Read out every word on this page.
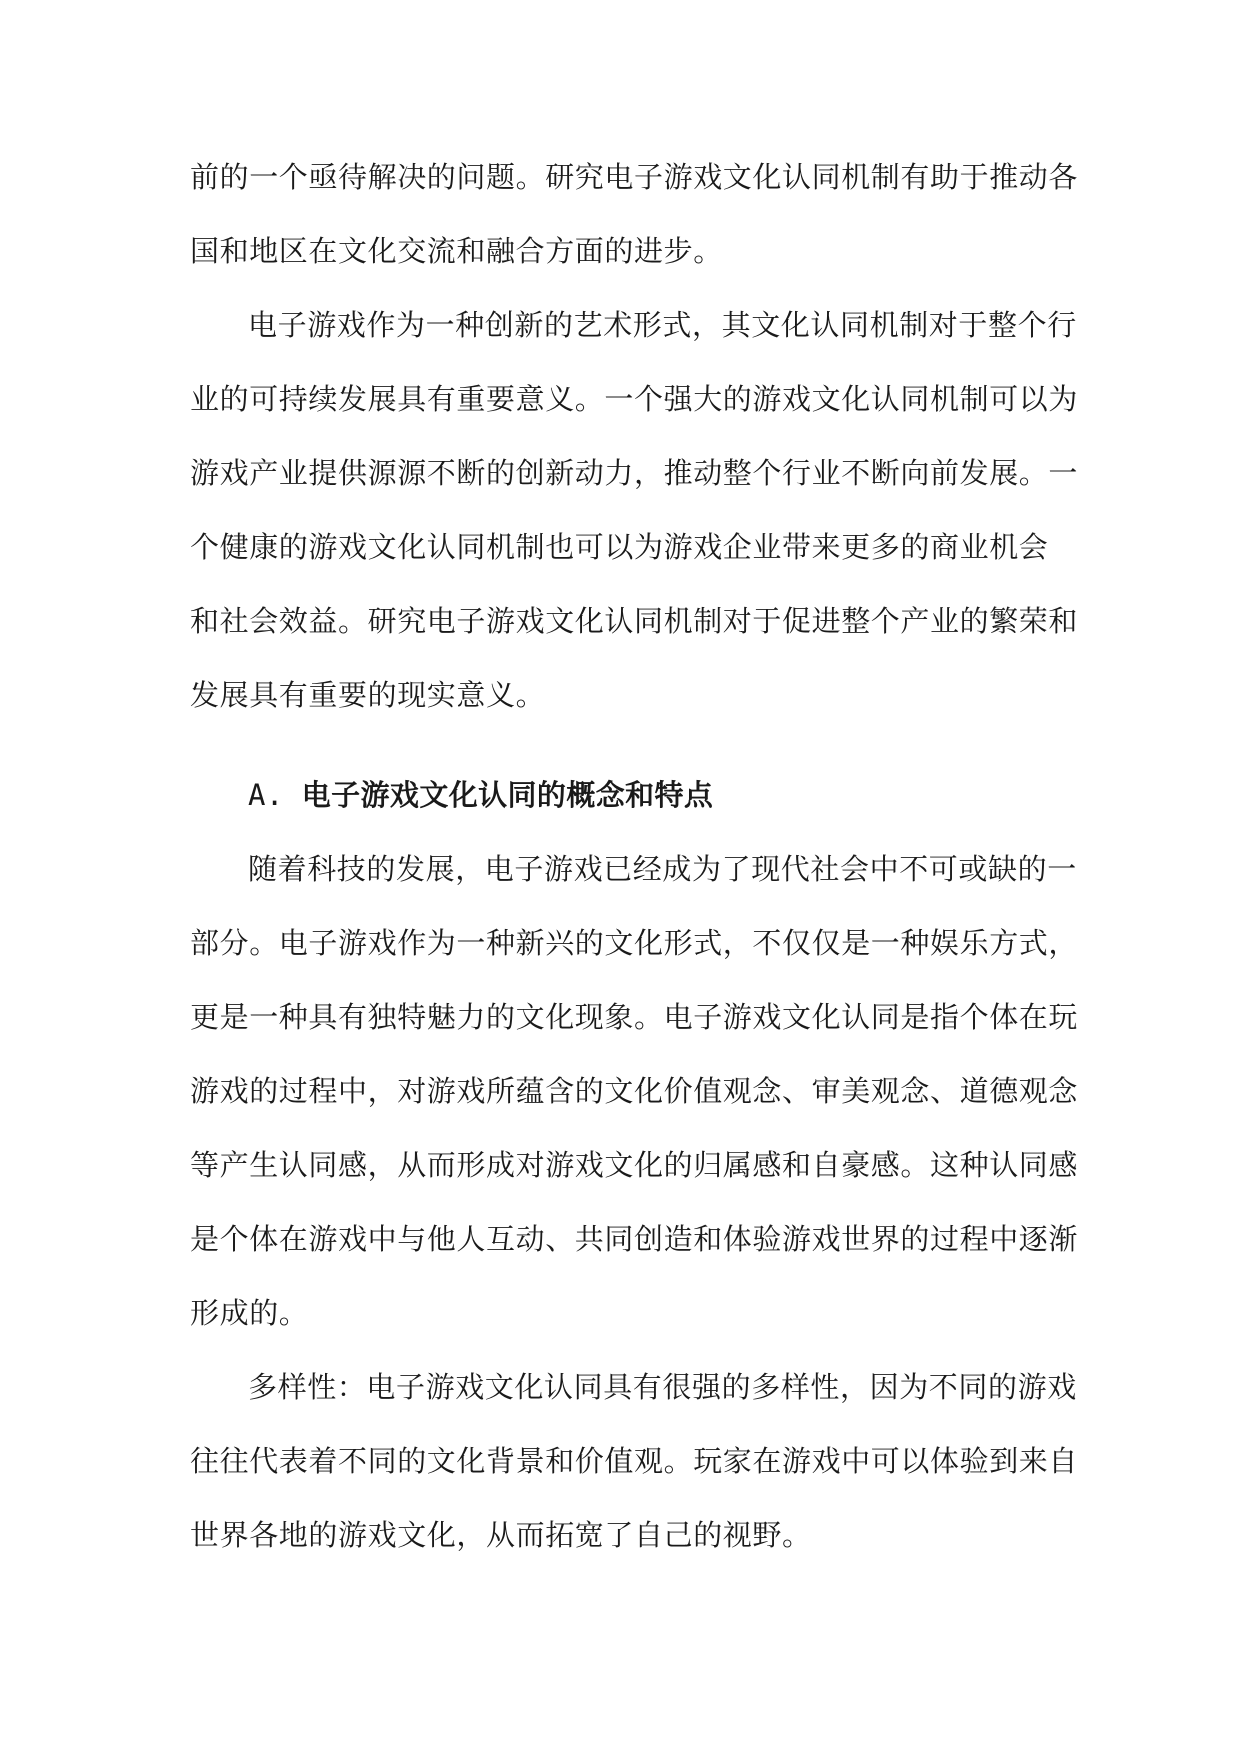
前的一个亟待解决的问题。研究电子游戏文化认同机制有助于推动各
国和地区在文化交流和融合方面的进步。
电子游戏作为一种创新的艺术形式，其文化认同机制对于整个行
业的可持续发展具有重要意义。一个强大的游戏文化认同机制可以为
游戏产业提供源源不断的创新动力，推动整个行业不断向前发展。一
个健康的游戏文化认同机制也可以为游戏企业带来更多的商业机会
和社会效益。研究电子游戏文化认同机制对于促进整个产业的繁荣和
发展具有重要的现实意义。
A. 电子游戏文化认同的概念和特点
随着科技的发展，电子游戏已经成为了现代社会中不可或缺的一
部分。电子游戏作为一种新兴的文化形式，不仅仅是一种娱乐方式，
更是一种具有独特魅力的文化现象。电子游戏文化认同是指个体在玩
游戏的过程中，对游戏所蕴含的文化价值观念、审美观念、道德观念
等产生认同感，从而形成对游戏文化的归属感和自豪感。这种认同感
是个体在游戏中与他人互动、共同创造和体验游戏世界的过程中逐渐
形成的。
多样性：电子游戏文化认同具有很强的多样性，因为不同的游戏
往往代表着不同的文化背景和价值观。玩家在游戏中可以体验到来自
世界各地的游戏文化，从而拓宽了自己的视野。
